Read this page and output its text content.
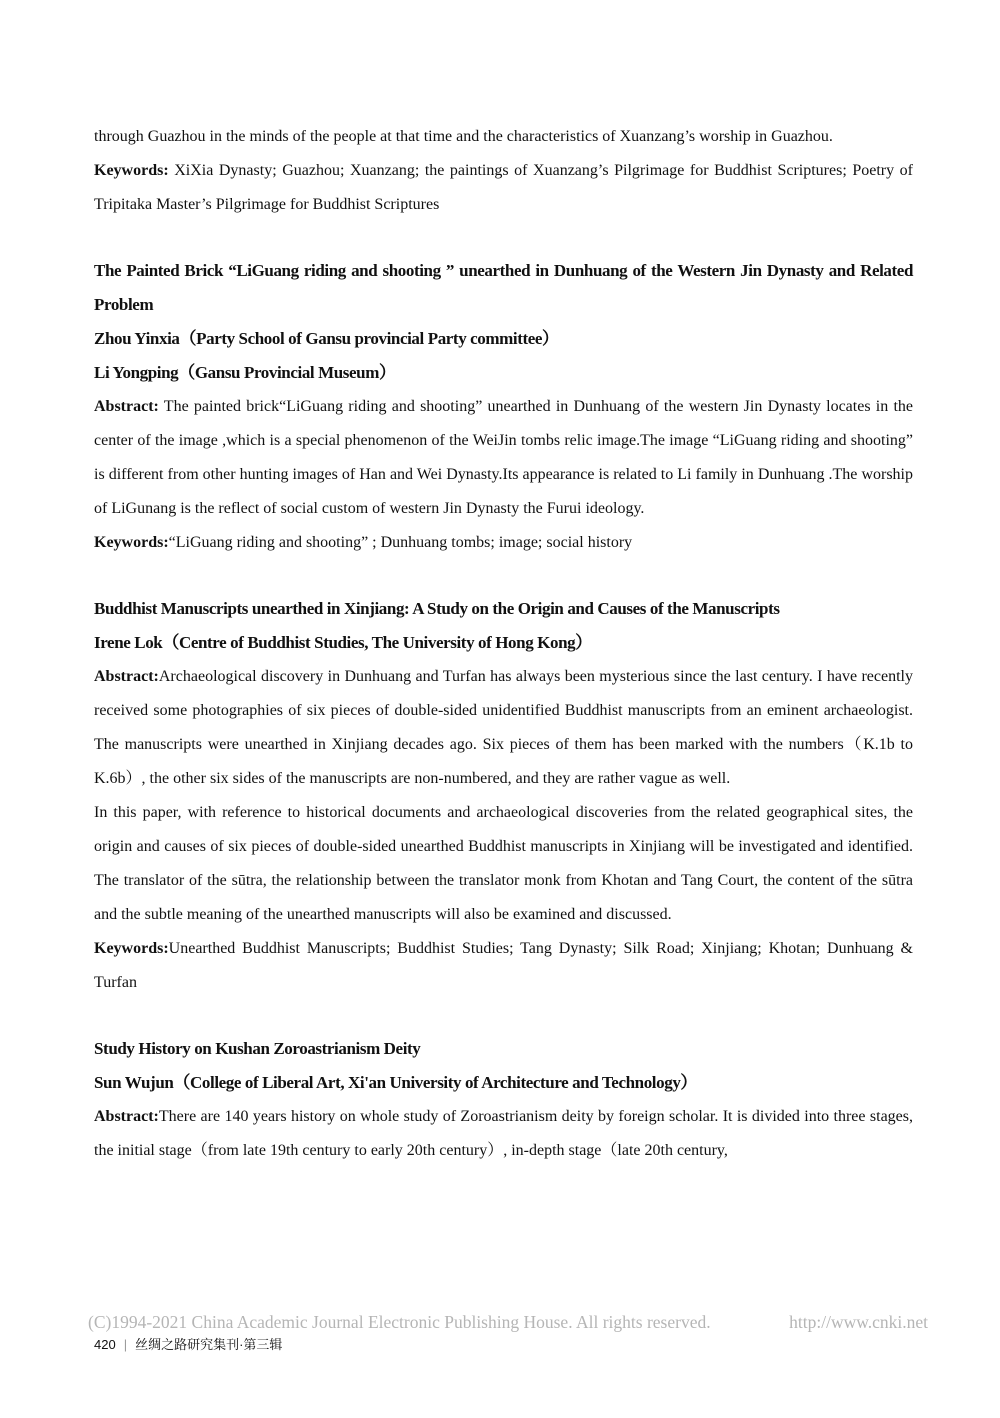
through Guazhou in the minds of the people at that time and the characteristics of Xuanzang’s worship in Guazhou.

Keywords: XiXia Dynasty; Guazhou; Xuanzang; the paintings of Xuanzang’s Pilgrimage for Buddhist Scriptures; Poetry of Tripitaka Master’s Pilgrimage for Buddhist Scriptures

The Painted Brick “LiGuang riding and shooting ” unearthed in Dunhuang of the Western Jin Dynasty and Related Problem

Zhou Yinxia（Party School of Gansu provincial Party committee）

Li Yongping（Gansu Provincial Museum）

Abstract: The painted brick“LiGuang riding and shooting” unearthed in Dunhuang of the western Jin Dynasty locates in the center of the image ,which is a special phenomenon of the WeiJin tombs relic image.The image “LiGuang riding and shooting” is different from other hunting images of Han and Wei Dynasty.Its appearance is related to Li family in Dunhuang .The worship of LiGunang is the reflect of social custom of western Jin Dynasty the Furui ideology.

Keywords:“LiGuang riding and shooting” ; Dunhuang tombs; image; social history

Buddhist Manuscripts unearthed in Xinjiang: A Study on the Origin and Causes of the Manuscripts

Irene Lok（Centre of Buddhist Studies, The University of Hong Kong）

Abstract:Archaeological discovery in Dunhuang and Turfan has always been mysterious since the last century. I have recently received some photographies of six pieces of double-sided unidentified Buddhist manuscripts from an eminent archaeologist. The manuscripts were unearthed in Xinjiang decades ago. Six pieces of them has been marked with the numbers（K.1b to K.6b）, the other six sides of the manuscripts are non-numbered, and they are rather vague as well.

In this paper, with reference to historical documents and archaeological discoveries from the related geographical sites, the origin and causes of six pieces of double-sided unearthed Buddhist manuscripts in Xinjiang will be investigated and identified. The translator of the sūtra, the relationship between the translator monk from Khotan and Tang Court, the content of the sūtra and the subtle meaning of the unearthed manuscripts will also be examined and discussed.

Keywords:Unearthed Buddhist Manuscripts; Buddhist Studies; Tang Dynasty; Silk Road; Xinjiang; Khotan; Dunhuang & Turfan

Study History on Kushan Zoroastrianism Deity

Sun Wujun（College of Liberal Art, Xi'an University of Architecture and Technology）

Abstract:There are 140 years history on whole study of Zoroastrianism deity by foreign scholar. It is divided into three stages, the initial stage（from late 19th century to early 20th century）, in-depth stage（late 20th century,

(C)1994-2021 China Academic Journal Electronic Publishing House. All rights reserved.	http://www.cnki.net
420 | 丝绸之路研究集刊·第三辑
